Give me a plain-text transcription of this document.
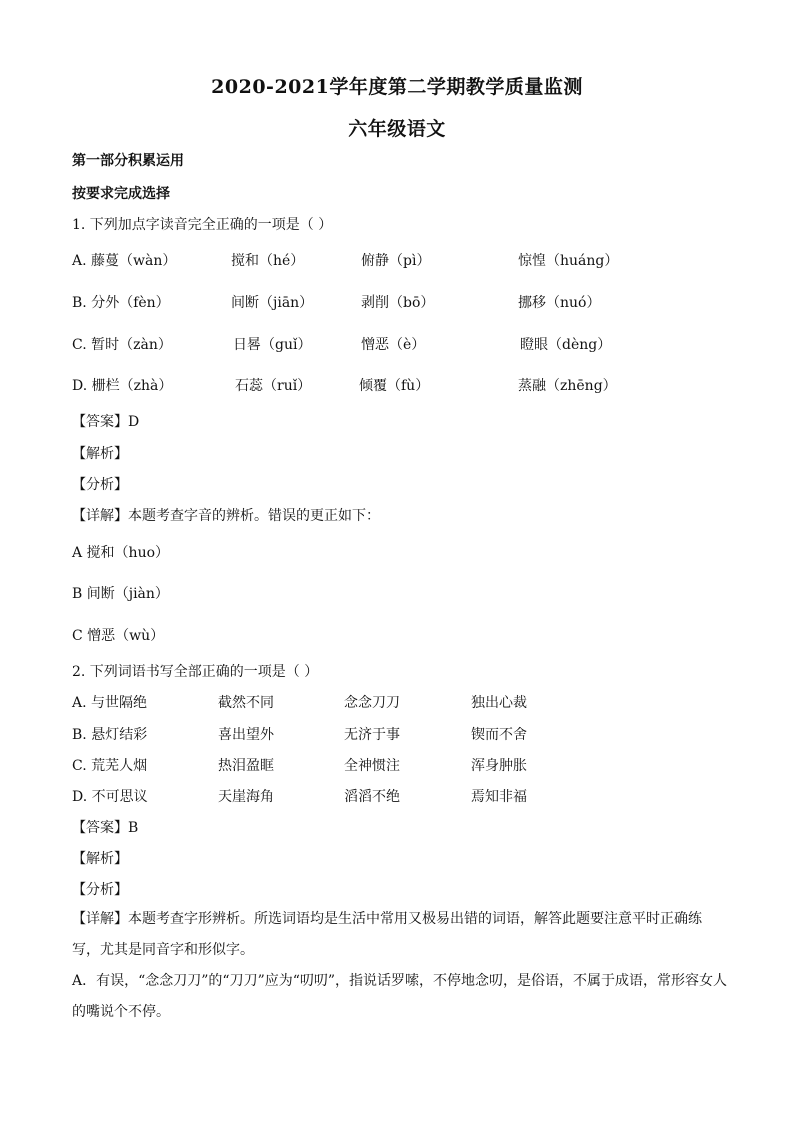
2020-2021学年度第二学期教学质量监测
六年级语文
第一部分积累运用
按要求完成选择
1. 下列加点字读音完全正确的一项是（ ）
A. 藤蔓（wàn）	搅和（hé）	俯静（pì）	惊惶（huáng）
B. 分外（fèn）	间断（jiān）	剥削（bō）	挪移（nuó）
C. 暂时（zàn）	日晷（guǐ）	憎恶（è）	瞪眼（dèng）
D. 栅栏（zhà）	石蕊（ruǐ）	倾覆（fù）	蒸融（zhēng）
【答案】D
【解析】
【分析】
【详解】本题考查字音的辨析。错误的更正如下：
A 搅和（huo）
B 间断（jiàn）
C 憎恶（wù）
2. 下列词语书写全部正确的一项是（ ）
A. 与世隔绝	截然不同	念念刀刀	独出心裁
B. 悬灯结彩	喜出望外	无济于事	锲而不舍
C. 荒芜人烟	热泪盈眶	全神惯注	浑身肿胀
D. 不可思议	天崖海角	滔滔不绝	焉知非福
【答案】B
【解析】
【分析】
【详解】本题考查字形辨析。所选词语均是生活中常用又极易出错的词语，解答此题要注意平时正确练写，尤其是同音字和形似字。
A．有误，“念念刀刀”的“刀刀”应为“叨叨”，指说话罗嗦，不停地念叨，是俗语，不属于成语，常形容女人的嘴说个不停。
